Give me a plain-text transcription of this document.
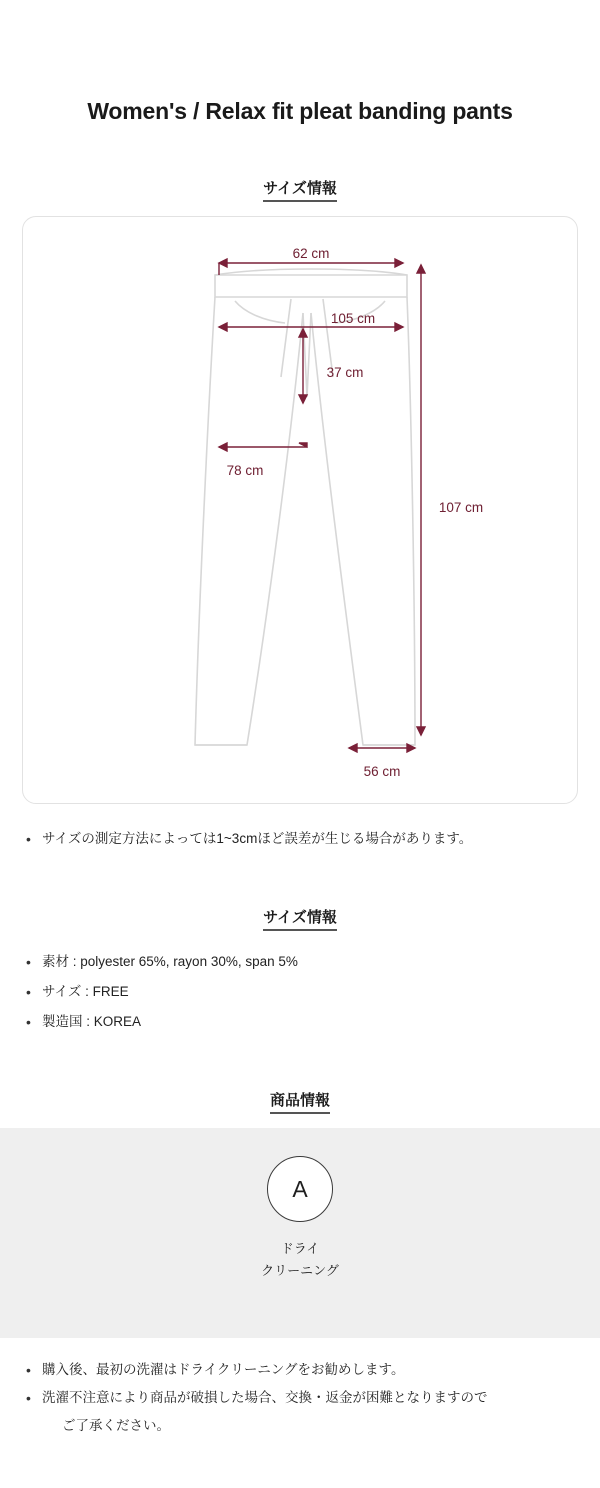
Women's / Relax fit pleat banding pants
サイズ情報
62 cm
105 cm
37 cm
78 cm
107 cm
56 cm
• サイズの測定方法によっては1~3cmほど誤差が生じる場合があります。
サイズ情報
• 素材 : polyester 65%, rayon 30%, span 5%
• サイズ : FREE
• 製造国 : KOREA
商品情報
A
ドライ
クリーニング
• 購入後、最初の洗濯はドライクリーニングをお勧めします。
• 洗濯不注意により商品が破損した場合、交換・返金が困難となりますので
ご了承ください。
